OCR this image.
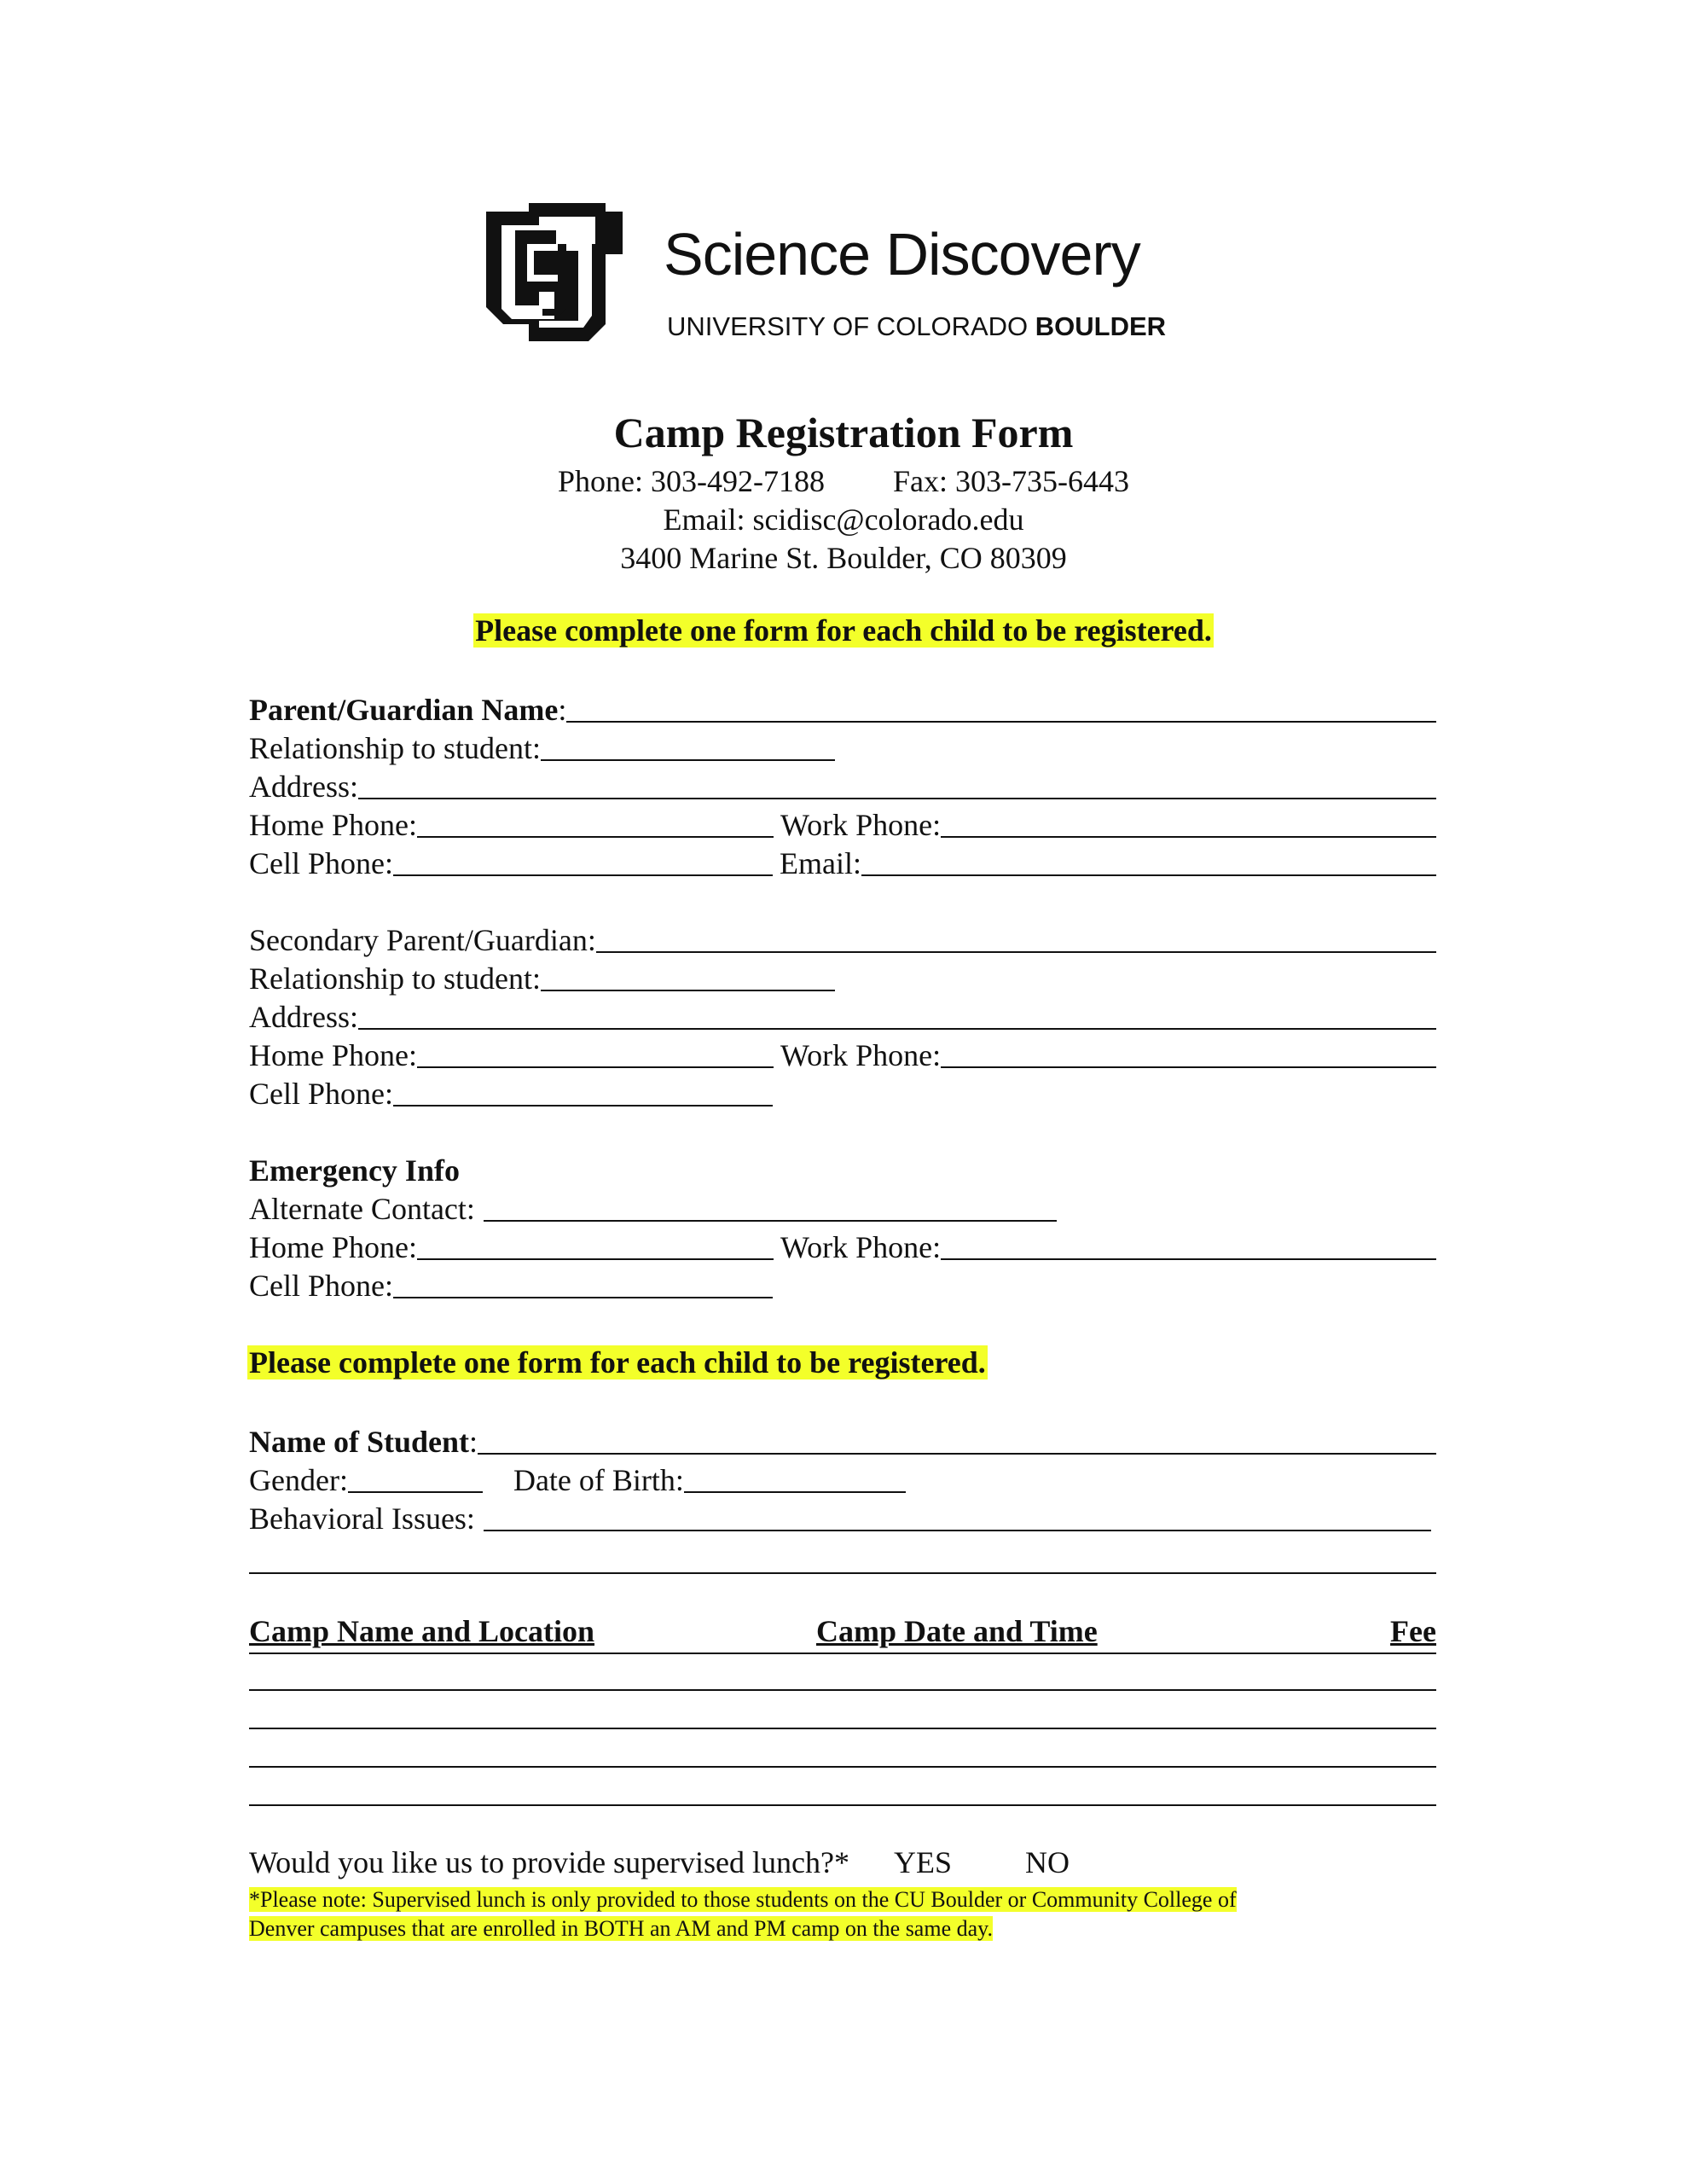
Science Discovery
UNIVERSITY OF COLORADO BOULDER
Camp Registration Form
Phone: 303-492-7188 Fax: 303-735-6443
Email: scidisc@colorado.edu
3400 Marine St. Boulder, CO 80309
Please complete one form for each child to be registered.
Parent/Guardian Name:
Relationship to student:
Address:
Home Phone:	Work Phone:
Cell Phone:	Email:
Secondary Parent/Guardian:
Relationship to student:
Address:
Home Phone:	Work Phone:
Cell Phone:
Emergency Info
Alternate Contact:
Home Phone:	Work Phone:
Cell Phone:
Please complete one form for each child to be registered.
Name of Student:
Gender:	Date of Birth:
Behavioral Issues:
Camp Name and Location	Camp Date and Time	Fee
Would you like us to provide supervised lunch?* YES NO
*Please note: Supervised lunch is only provided to those students on the CU Boulder or Community College of
Denver campuses that are enrolled in BOTH an AM and PM camp on the same day.
